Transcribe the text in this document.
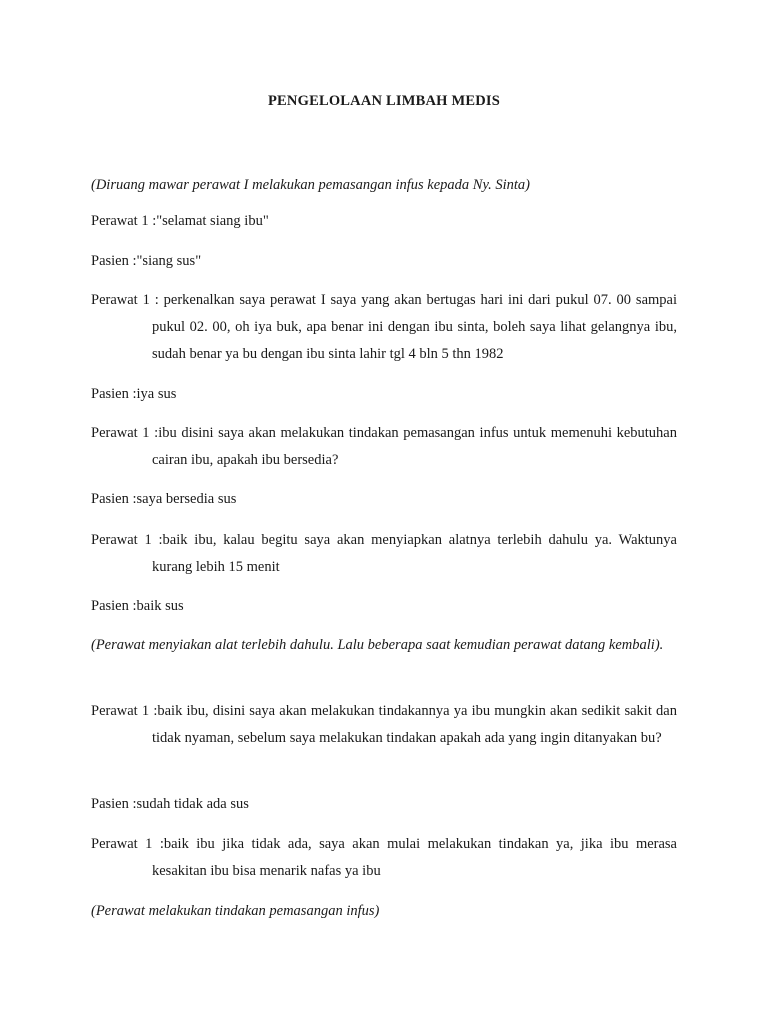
PENGELOLAAN LIMBAH MEDIS

(Diruang mawar perawat I melakukan pemasangan infus kepada Ny. Sinta)

Perawat 1 :"selamat siang ibu"

Pasien :"siang sus"

Perawat 1 : perkenalkan saya perawat I saya yang akan bertugas hari ini dari pukul 07. 00 sampai pukul 02. 00, oh iya buk, apa benar ini dengan ibu sinta, boleh saya lihat gelangnya ibu, sudah benar ya bu dengan ibu sinta lahir tgl 4 bln 5 thn 1982

Pasien :iya sus

Perawat 1 :ibu disini saya akan melakukan tindakan pemasangan infus untuk memenuhi kebutuhan cairan ibu, apakah ibu bersedia?

Pasien :saya bersedia sus

Perawat 1 :baik ibu, kalau begitu saya akan menyiapkan alatnya terlebih dahulu ya. Waktunya kurang lebih 15 menit

Pasien :baik sus

(Perawat menyiakan alat terlebih dahulu. Lalu beberapa saat kemudian perawat datang kembali).

Perawat 1 :baik ibu, disini saya akan melakukan tindakannya ya ibu mungkin akan sedikit sakit dan tidak nyaman, sebelum saya melakukan tindakan apakah ada yang ingin ditanyakan bu?

Pasien :sudah tidak ada sus

Perawat 1 :baik ibu jika tidak ada, saya akan mulai melakukan tindakan ya, jika ibu merasa kesakitan ibu bisa menarik nafas ya ibu

(Perawat melakukan tindakan pemasangan infus)
